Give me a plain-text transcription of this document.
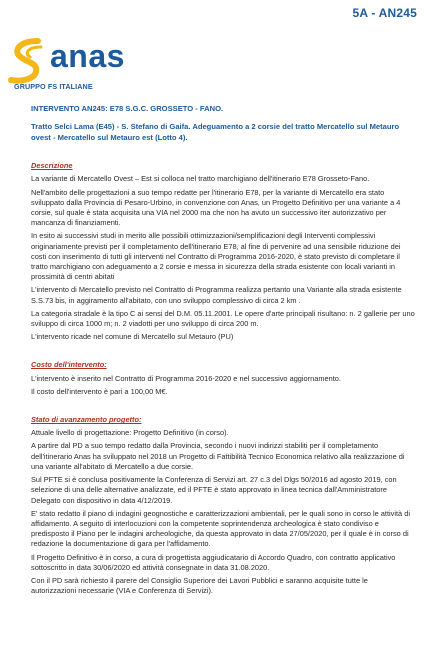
5A - AN245
anas
GRUPPO FS ITALIANE
INTERVENTO AN245: E78 S.G.C. GROSSETO - FANO.
Tratto Selci Lama (E45) - S. Stefano di Gaifa. Adeguamento a 2 corsie del tratto Mercatello sul Metauro ovest - Mercatello sul Metauro est (Lotto 4).
Descrizione

La variante di Mercatello Ovest – Est si colloca nel tratto marchigiano dell'itinerario E78 Grosseto-Fano.

Nell'ambito delle progettazioni a suo tempo redatte per l'itinerario E78, per la variante di Mercatello era stato sviluppato dalla Provincia di Pesaro-Urbino, in convenzione con Anas, un Progetto Definitivo per una variante a 4 corsie, sul quale è stata acquisita una VIA nel 2000 ma che non ha avuto un successivo iter autorizzativo per mancanza di finanziamenti.

In esito ai successivi studi in merito alle possibili ottimizzazioni/semplificazioni degli Interventi complessivi originariamente previsti per il completamento dell'itinerario E78, al fine di pervenire ad una sensibile riduzione dei costi con inserimento di tutti gli interventi nel Contratto di Programma 2016-2020, è stato previsto di completare il tratto marchigiano con adeguamento a 2 corsie e messa in sicurezza della strada esistente con locali varianti in prossimità di centri abitati

L'intervento di Mercatello previsto nel Contratto di Programma realizza pertanto una Variante alla strada esistente S.S.73 bis, in aggiramento all'abitato, con uno sviluppo complessivo di circa 2 km .

La categoria stradale è la tipo C ai sensi del D.M. 05.11.2001. Le opere d'arte principali risultano: n. 2 gallerie per uno sviluppo di circa 1000 m; n. 2 viadotti per uno sviluppo di circa 200 m.

L'intervento ricade nel comune di Mercatello sul Metauro (PU)

Costo dell'intervento:

L'intervento è inserito nel Contratto di Programma 2016-2020 e nel successivo aggiornamento.

Il costo dell'intervento è pari a 100,00 M€.

Stato di avanzamento progetto:

Attuale livello di progettazione: Progetto Definitivo (in corso).

A partire dal PD a suo tempo redatto dalla Provincia, secondo i nuovi indirizzi stabiliti per il completamento dell'itinerario Anas ha sviluppato nel 2018 un Progetto di Fattibilità Tecnico Economica relativo alla realizzazione di una variante all'abitato di Mercatello a due corsie.

Sul PFTE si è conclusa positivamente la Conferenza di Servizi art. 27 c.3 del Dlgs 50/2016 ad agosto 2019, con selezione di una delle alternative analizzate, ed il PFTE è stato approvato in linea tecnica dall'Amministratore Delegato con dispositivo in data 4/12/2019.

E' stato redatto il piano di indagini geognostiche e caratterizzazioni ambientali, per le quali sono in corso le attività di affidamento. A seguito di interlocuzioni con la competente soprintendenza archeologica è stato condiviso e predisposto il Piano per le indagini archeologiche, da questa approvato in data 27/05/2020, per il quale è in corso di redazione la documentazione di gara per l'affidamento.

Il Progetto Definitivo è in corso, a cura di progettista aggiudicatario di Accordo Quadro, con contratto applicativo sottoscritto in data 30/06/2020 ed attività consegnate in data 31.08.2020.

Con il PD sarà richiesto il parere del Consiglio Superiore dei Lavori Pubblici e saranno acquisite tutte le autorizzazioni necessarie (VIA e Conferenza di Servizi).
